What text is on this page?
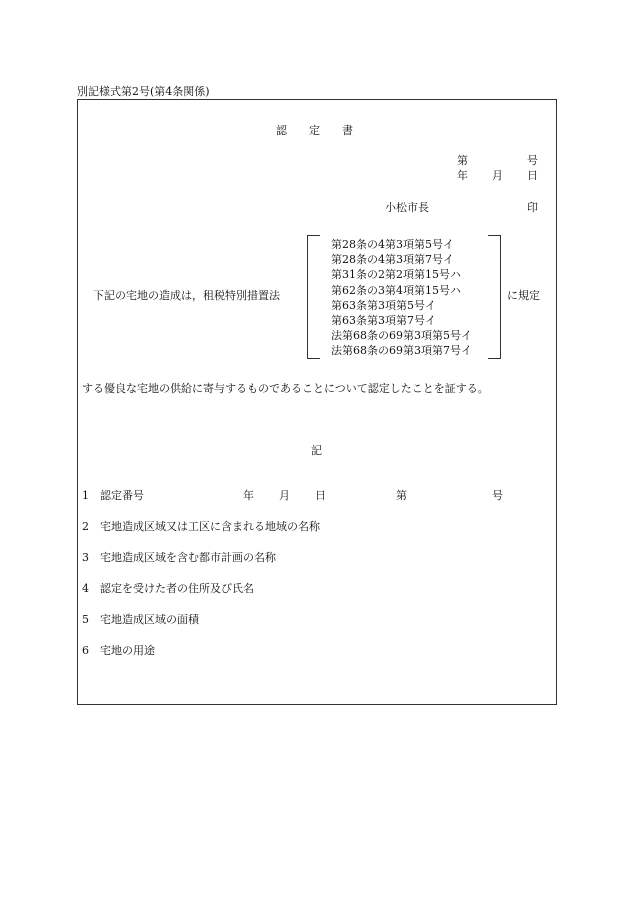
別記様式第2号(第4条関係)
認　　定　　書
第	号
年 月 日
小松市長	印
下記の宅地の造成は，租税特別措置法
第28条の4第3項第5号イ
第28条の4第3項第7号イ
第31条の2第2項第15号ハ
第62条の3第4項第15号ハ
第63条第3項第5号イ
第63条第3項第7号イ
法第68条の69第3項第5号イ
法第68条の69第3項第7号イ
に規定
する優良な宅地の供給に寄与するものであることについて認定したことを証する。
記
1 認定番号	年 月 日	第	号
2 宅地造成区域又は工区に含まれる地域の名称
3 宅地造成区域を含む都市計画の名称
4 認定を受けた者の住所及び氏名
5 宅地造成区域の面積
6 宅地の用途
